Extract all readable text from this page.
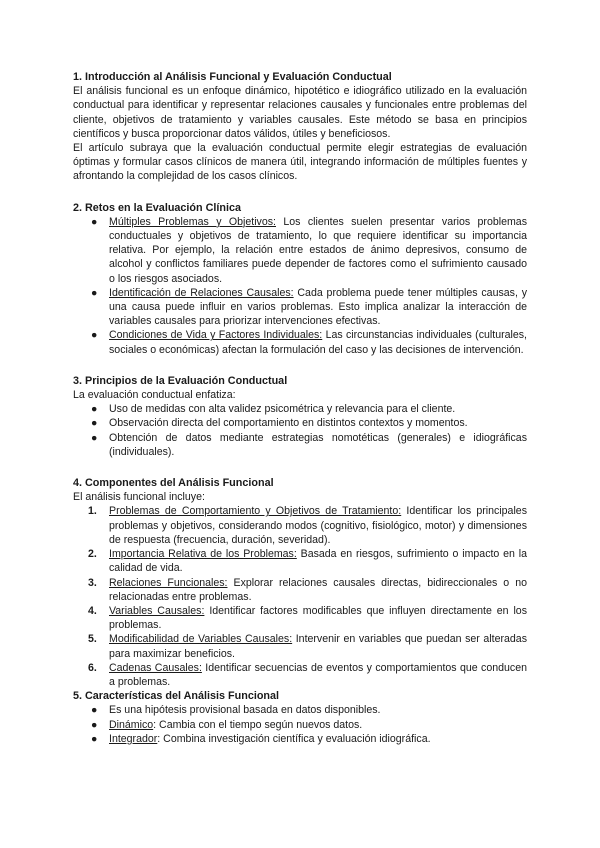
1. Introducción al Análisis Funcional y Evaluación Conductual

El análisis funcional es un enfoque dinámico, hipotético e idiográfico utilizado en la evaluación conductual para identificar y representar relaciones causales y funcionales entre problemas del cliente, objetivos de tratamiento y variables causales. Este método se basa en principios científicos y busca proporcionar datos válidos, útiles y beneficiosos.

El artículo subraya que la evaluación conductual permite elegir estrategias de evaluación óptimas y formular casos clínicos de manera útil, integrando información de múltiples fuentes y afrontando la complejidad de los casos clínicos.

2. Retos en la Evaluación Clínica
● Múltiples Problemas y Objetivos: Los clientes suelen presentar varios problemas conductuales y objetivos de tratamiento, lo que requiere identificar su importancia relativa. Por ejemplo, la relación entre estados de ánimo depresivos, consumo de alcohol y conflictos familiares puede depender de factores como el sufrimiento causado o los riesgos asociados.
● Identificación de Relaciones Causales: Cada problema puede tener múltiples causas, y una causa puede influir en varios problemas. Esto implica analizar la interacción de variables causales para priorizar intervenciones efectivas.
● Condiciones de Vida y Factores Individuales: Las circunstancias individuales (culturales, sociales o económicas) afectan la formulación del caso y las decisiones de intervención.
3. Principios de la Evaluación Conductual

La evaluación conductual enfatiza:

● Uso de medidas con alta validez psicométrica y relevancia para el cliente.
● Observación directa del comportamiento en distintos contextos y momentos.
● Obtención de datos mediante estrategias nomotéticas (generales) e idiográficas (individuales).
4. Componentes del Análisis Funcional

El análisis funcional incluye:

1. Problemas de Comportamiento y Objetivos de Tratamiento: Identificar los principales problemas y objetivos, considerando modos (cognitivo, fisiológico, motor) y dimensiones de respuesta (frecuencia, duración, severidad).
2. Importancia Relativa de los Problemas: Basada en riesgos, sufrimiento o impacto en la calidad de vida.
3. Relaciones Funcionales: Explorar relaciones causales directas, bidireccionales o no relacionadas entre problemas.
4. Variables Causales: Identificar factores modificables que influyen directamente en los problemas.
5. Modificabilidad de Variables Causales: Intervenir en variables que puedan ser alteradas para maximizar beneficios.
6. Cadenas Causales: Identificar secuencias de eventos y comportamientos que conducen a problemas.
5. Características del Análisis Funcional
● Es una hipótesis provisional basada en datos disponibles.
● Dinámico: Cambia con el tiempo según nuevos datos.
● Integrador: Combina investigación científica y evaluación idiográfica.
